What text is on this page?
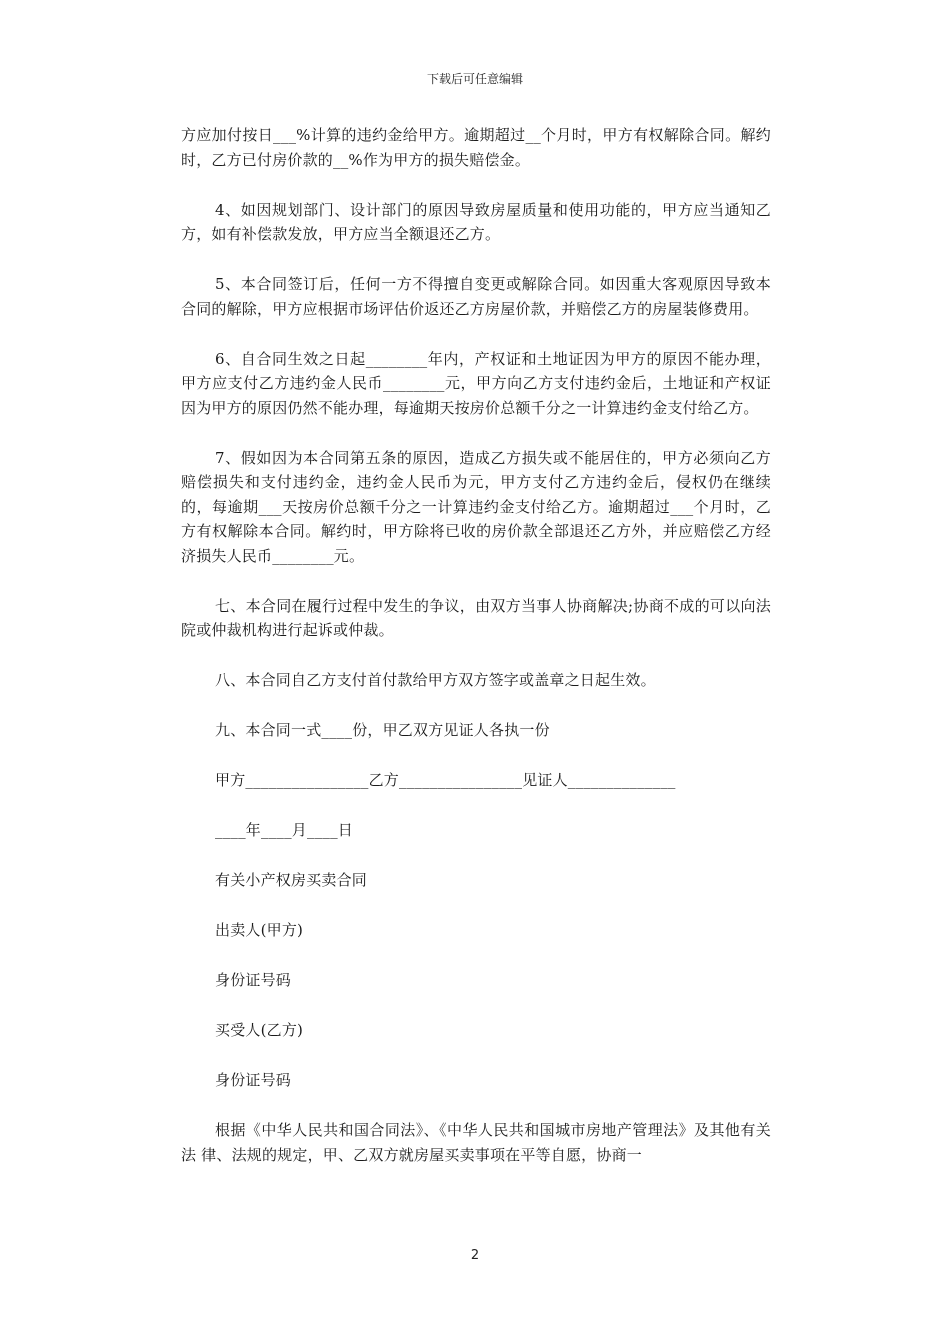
下载后可任意编辑

方应加付按日___%计算的违约金给甲方。逾期超过__个月时，甲方有权解除合同。解约时，乙方已付房价款的__%作为甲方的损失赔偿金。

4、如因规划部门、设计部门的原因导致房屋质量和使用功能的，甲方应当通知乙方，如有补偿款发放，甲方应当全额退还乙方。

5、本合同签订后，任何一方不得擅自变更或解除合同。如因重大客观原因导致本合同的解除，甲方应根据市场评估价返还乙方房屋价款，并赔偿乙方的房屋装修费用。

6、自合同生效之日起________年内，产权证和土地证因为甲方的原因不能办理，甲方应支付乙方违约金人民币________元，甲方向乙方支付违约金后，土地证和产权证因为甲方的原因仍然不能办理，每逾期天按房价总额千分之一计算违约金支付给乙方。

7、假如因为本合同第五条的原因，造成乙方损失或不能居住的，甲方必须向乙方赔偿损失和支付违约金，违约金人民币为元，甲方支付乙方违约金后，侵权仍在继续的，每逾期___天按房价总额千分之一计算违约金支付给乙方。逾期超过___个月时，乙方有权解除本合同。解约时，甲方除将已收的房价款全部退还乙方外，并应赔偿乙方经济损失人民币________元。

七、本合同在履行过程中发生的争议，由双方当事人协商解决;协商不成的可以向法院或仲裁机构进行起诉或仲裁。

八、本合同自乙方支付首付款给甲方双方签字或盖章之日起生效。

九、本合同一式____份，甲乙双方见证人各执一份

甲方________________乙方________________见证人______________

____年____月____日

有关小产权房买卖合同

出卖人(甲方)

身份证号码

买受人(乙方)

身份证号码

根据《中华人民共和国合同法》、《中华人民共和国城市房地产管理法》及其他有关法 律、法规的规定，甲、乙双方就房屋买卖事项在平等自愿，协商一

2
